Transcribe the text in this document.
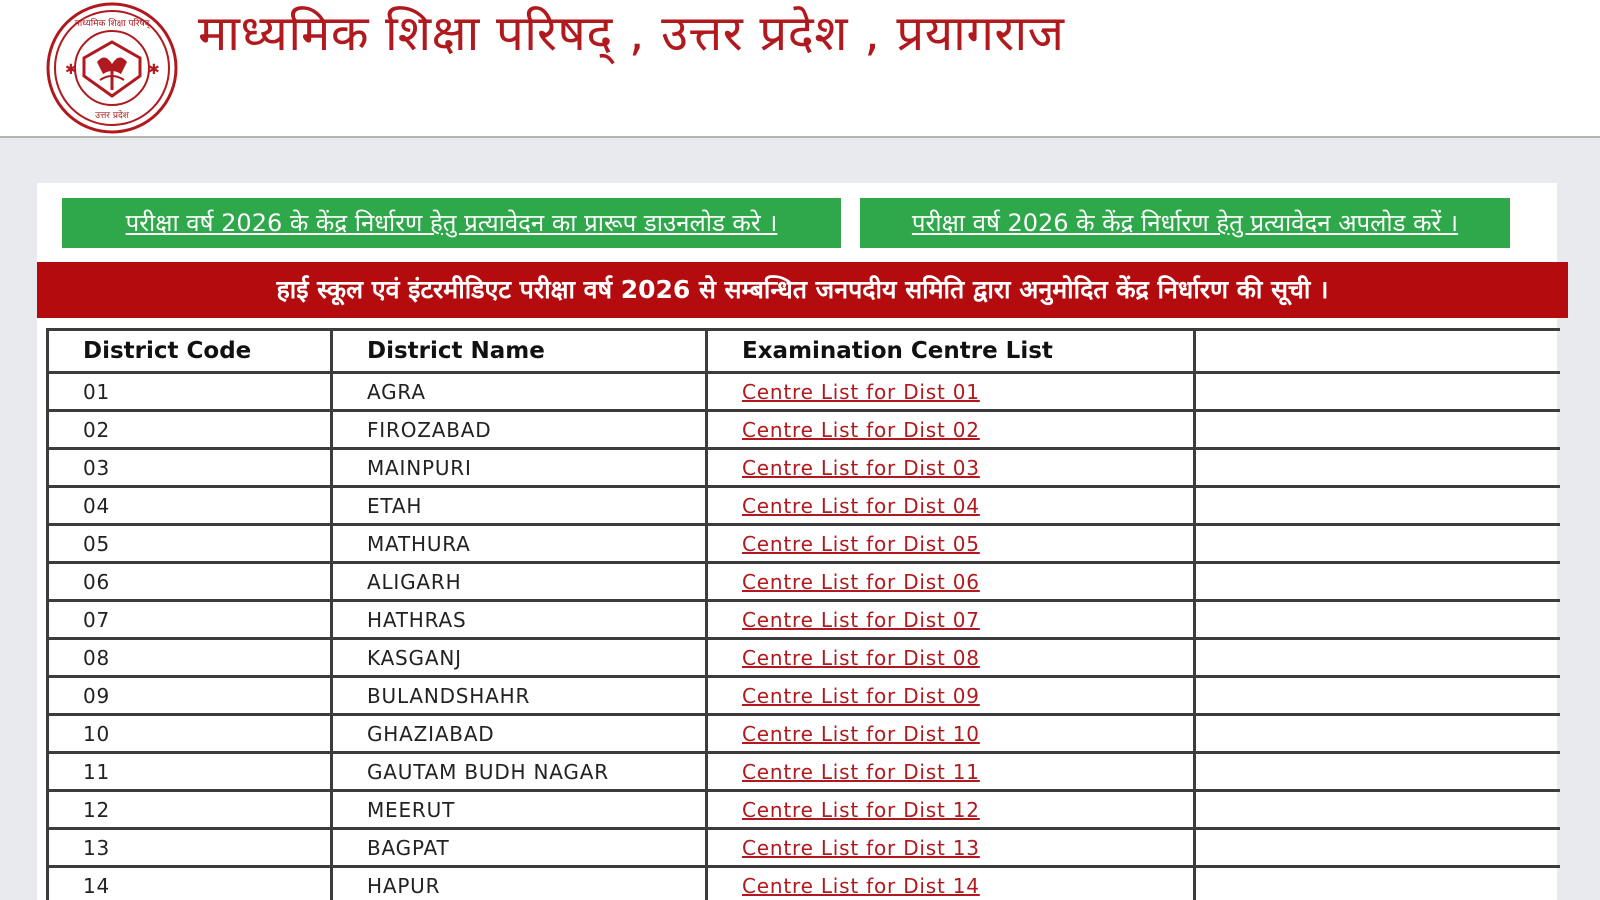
✱	✱
माध्यमिक शिक्षा परिषद्
उत्तर प्रदेश
माध्यमिक शिक्षा परिषद् , उत्तर प्रदेश , प्रयागराज
परीक्षा वर्ष 2026 के केंद्र निर्धारण हेतु प्रत्यावेदन का प्रारूप डाउनलोड करे ।	परीक्षा वर्ष 2026 के केंद्र निर्धारण हेतु प्रत्यावेदन अपलोड करें ।
हाई स्कूल एवं इंटरमीडिएट परीक्षा वर्ष 2026 से सम्बन्धित जनपदीय समिति द्वारा अनुमोदित केंद्र निर्धारण की सूची ।
District Code	District Name	Examination Centre List	
01	AGRA	Centre List for Dist 01	
02	FIROZABAD	Centre List for Dist 02	
03	MAINPURI	Centre List for Dist 03	
04	ETAH	Centre List for Dist 04	
05	MATHURA	Centre List for Dist 05	
06	ALIGARH	Centre List for Dist 06	
07	HATHRAS	Centre List for Dist 07	
08	KASGANJ	Centre List for Dist 08	
09	BULANDSHAHR	Centre List for Dist 09	
10	GHAZIABAD	Centre List for Dist 10	
11	GAUTAM BUDH NAGAR	Centre List for Dist 11	
12	MEERUT	Centre List for Dist 12	
13	BAGPAT	Centre List for Dist 13	
14	HAPUR	Centre List for Dist 14	
